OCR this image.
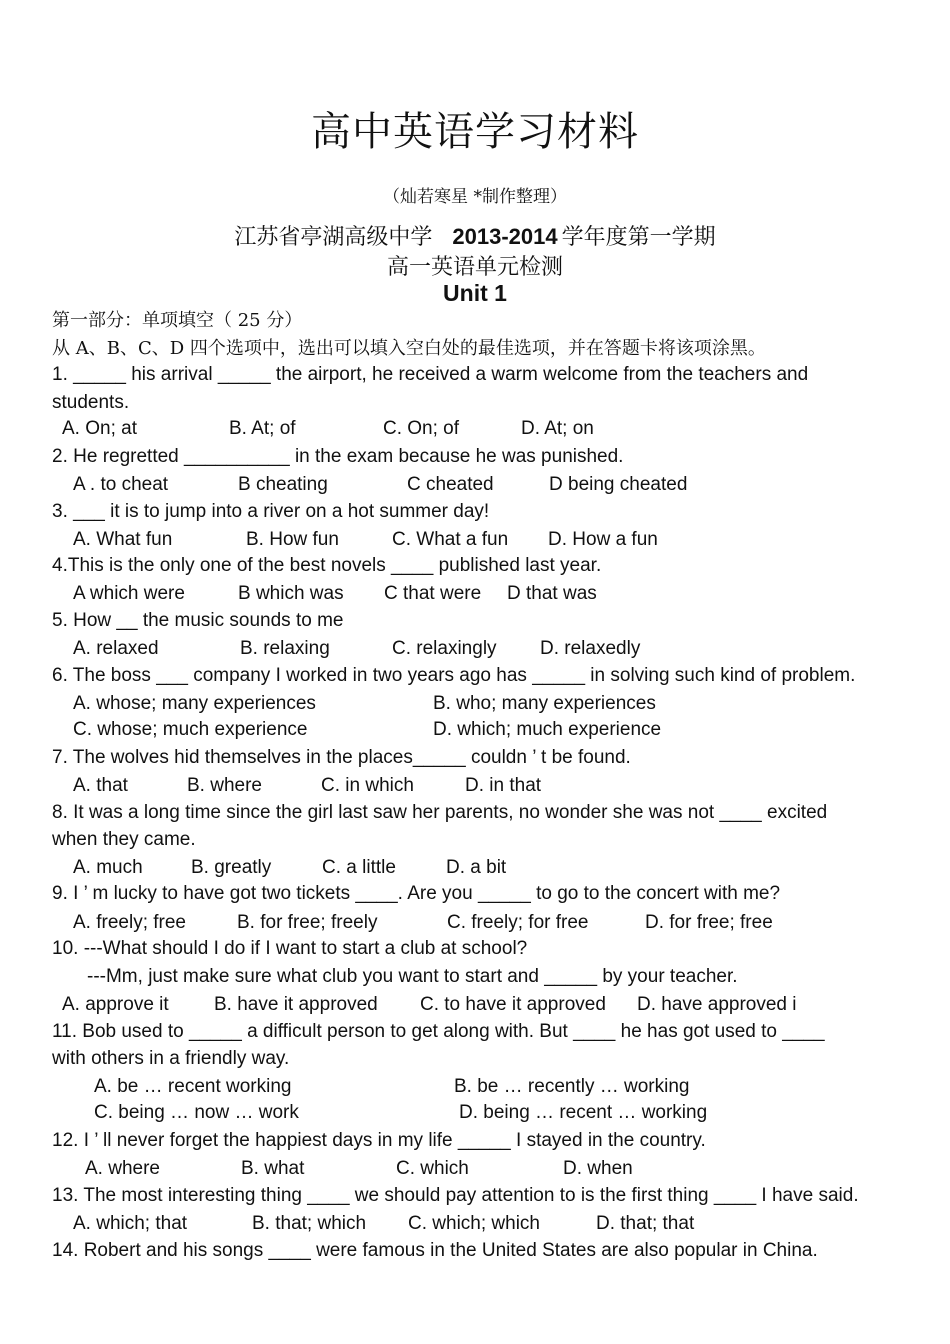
高中英语学习材料
（灿若寒星 *制作整理）
江苏省亭湖高级中学 2013-2014 学年度第一学期
高一英语单元检测
Unit 1
第一部分：单项填空（ 25 分）
从 A、B、C、D 四个选项中，选出可以填入空白处的最佳选项，并在答题卡将该项涂黑。
1. _____ his arrival _____ the airport, he received a warm welcome from the teachers and
students.
A. On; at	B. At; of	C. On; of	D. At; on
2. He regretted __________ in the exam because he was punished.
A . to cheat	B cheating	C cheated	D being cheated
3. ___ it is to jump into a river on a hot summer day!
A. What fun	B. How fun	C. What a fun D. How a fun
4.This is the only one of the best novels ____ published last year.
A which were	B which was C that were D that was
5. How __ the music sounds to me
A. relaxed	B. relaxing	C. relaxingly D. relaxedly
6. The boss ___ company I worked in two years ago has _____ in solving such kind of problem.
A. whose; many experiences	B. who; many experiences
C. whose; much experience	D. which; much experience
7. The wolves hid themselves in the places_____ couldn ’ t be found.
A. that	B. where	C. in which	D. in that
8. It was a long time since the girl last saw her parents, no wonder she was not ____ excited
when they came.
A. much	B. greatly	C. a little	D. a bit
9. I ’ m lucky to have got two tickets ____. Are you _____ to go to the concert with me?
A. freely; free	B. for free; freely	C. freely; for free	D. for free; free
10. ---What should I do if I want to start a club at school?
---Mm, just make sure what club you want to start and _____ by your teacher.
A. approve it B. have it approved C. to have it approved D. have approved i
11. Bob used to _____ a difficult person to get along with. But ____ he has got used to ____
with others in a friendly way.
A. be … recent working	B. be … recently … working
C. being … now … work	D. being … recent … working
12. I ’ ll never forget the happiest days in my life _____ I stayed in the country.
A. where	B. what	C. which	D. when
13. The most interesting thing ____ we should pay attention to is the first thing ____ I have said.
A. which; that	B. that; which C. which; which	D. that; that
14. Robert and his songs ____ were famous in the United States are also popular in China.
